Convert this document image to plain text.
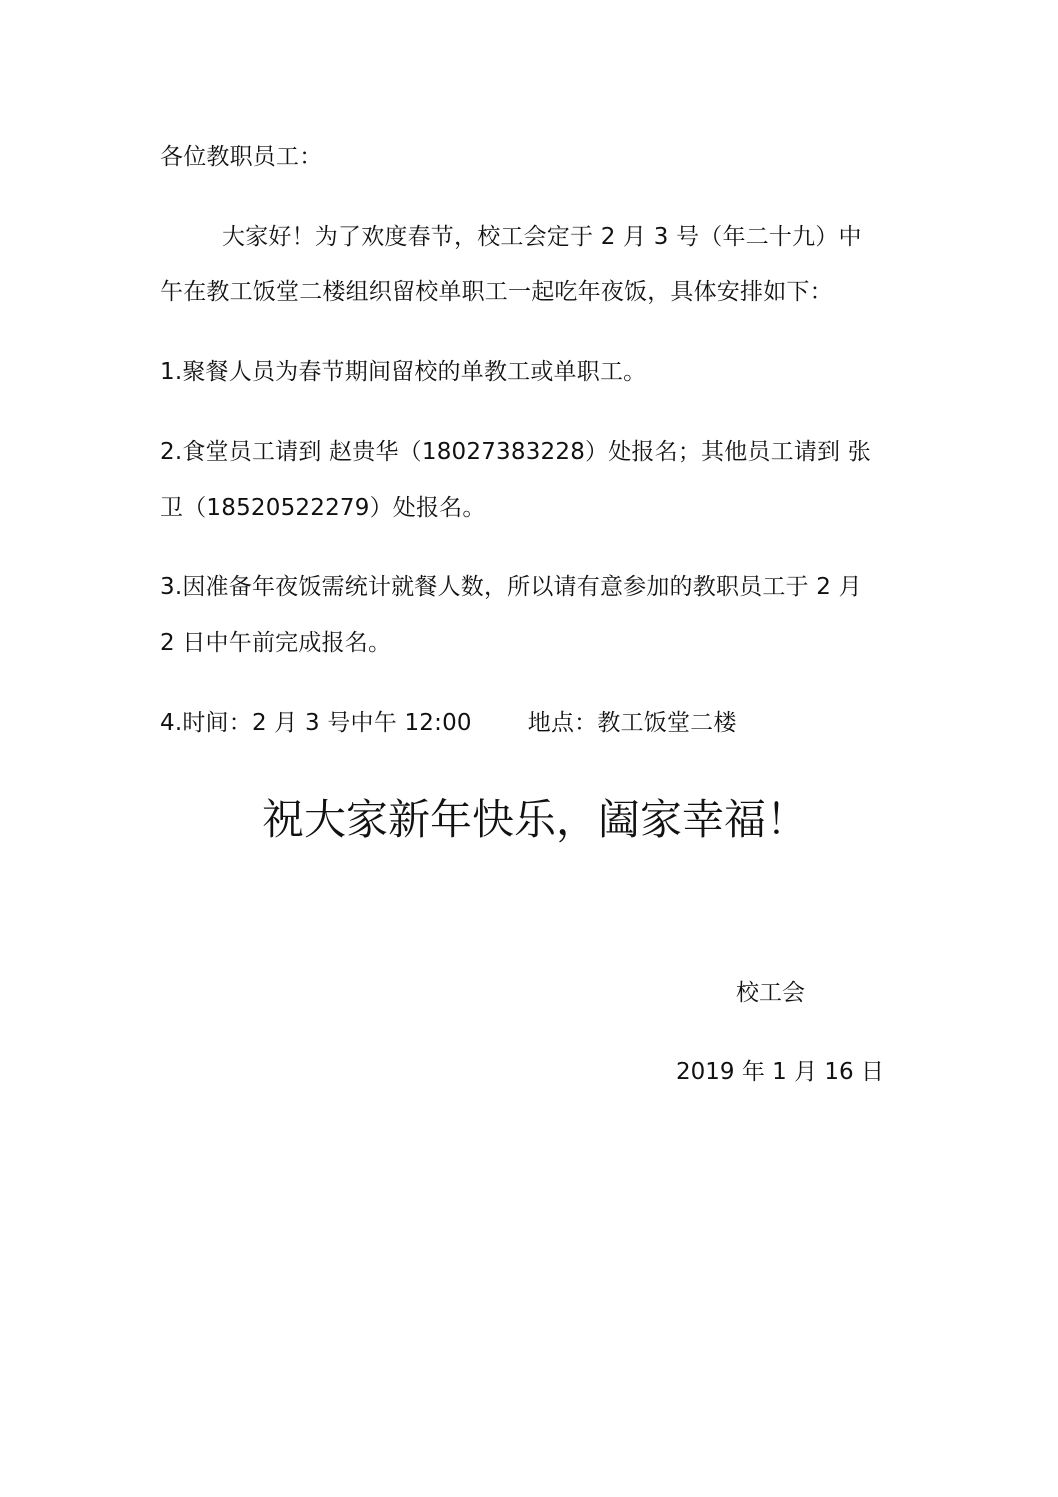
各位教职员工：
大家好！为了欢度春节，校工会定于 2 月 3 号（年二十九）中
午在教工饭堂二楼组织留校单职工一起吃年夜饭，具体安排如下：
1.聚餐人员为春节期间留校的单教工或单职工。
2.食堂员工请到 赵贵华（18027383228）处报名；其他员工请到 张
卫（18520522279）处报名。
3.因准备年夜饭需统计就餐人数，所以请有意参加的教职员工于 2 月
2 日中午前完成报名。
4.时间：2 月 3 号中午 12:00 地点：教工饭堂二楼
祝大家新年快乐，阖家幸福！
校工会
2019 年 1 月 16 日
